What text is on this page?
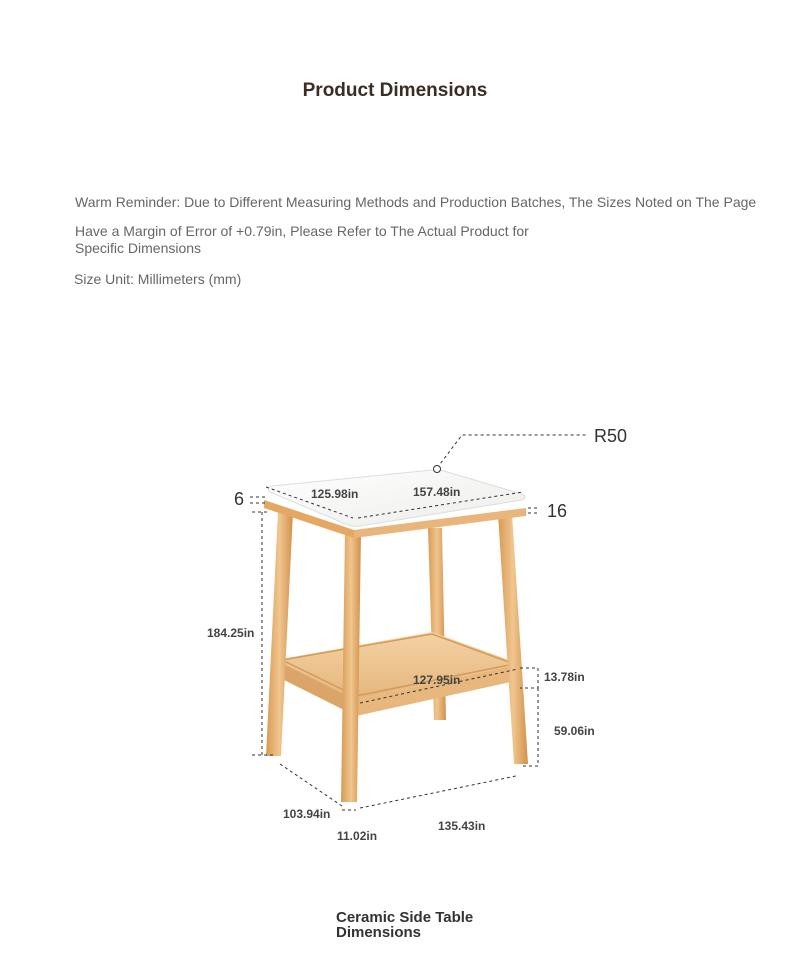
Product Dimensions
Warm Reminder: Due to Different Measuring Methods and Production Batches, The Sizes Noted on The Page
Have a Margin of Error of +0.79in, Please Refer to The Actual Product for
Specific Dimensions
Size Unit: Millimeters (mm)
R50
6
16
125.98in	157.48in
184.25in
127.95in	13.78in
59.06in
103.94in
11.02in
135.43in
Ceramic Side Table
Dimensions
